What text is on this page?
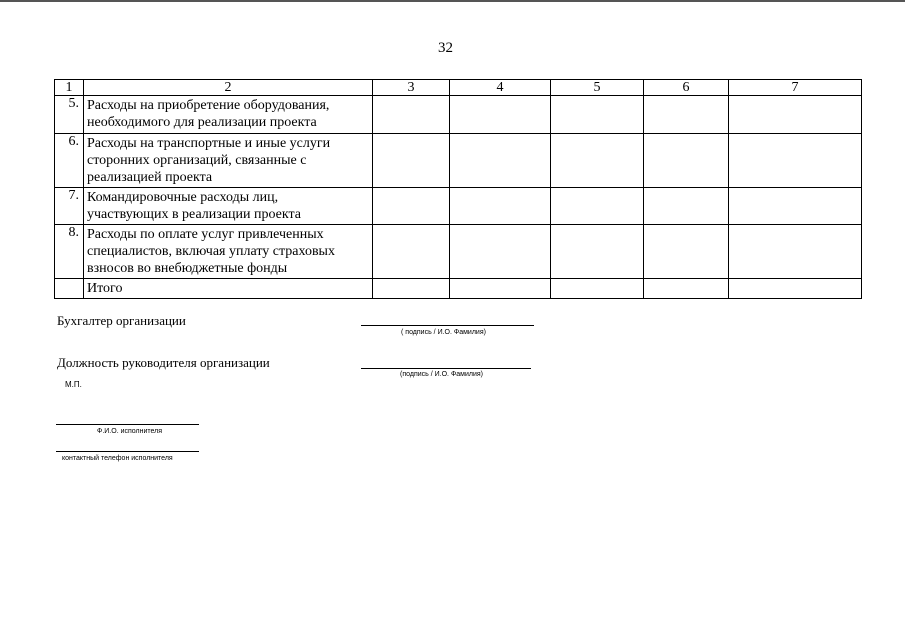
32
1	2	3	4	5	6	7
5.	Расходы на приобретение оборудования,
необходимого для реализации проекта					

6.	Расходы на транспортные и иные услуги
сторонних организаций, связанные с
реализацией проекта					

7.	Командировочные расходы лиц,
участвующих в реализации проекта					

8.	Расходы по оплате услуг привлеченных
специалистов, включая уплату страховых
взносов во внебюджетные фонды					

	Итого					
Бухгалтер организации
( подпись / И.О. Фамилия)
Должность руководителя организации
(подпись / И.О. Фамилия)
М.П.
Ф.И.О. исполнителя
контактный телефон исполнителя
